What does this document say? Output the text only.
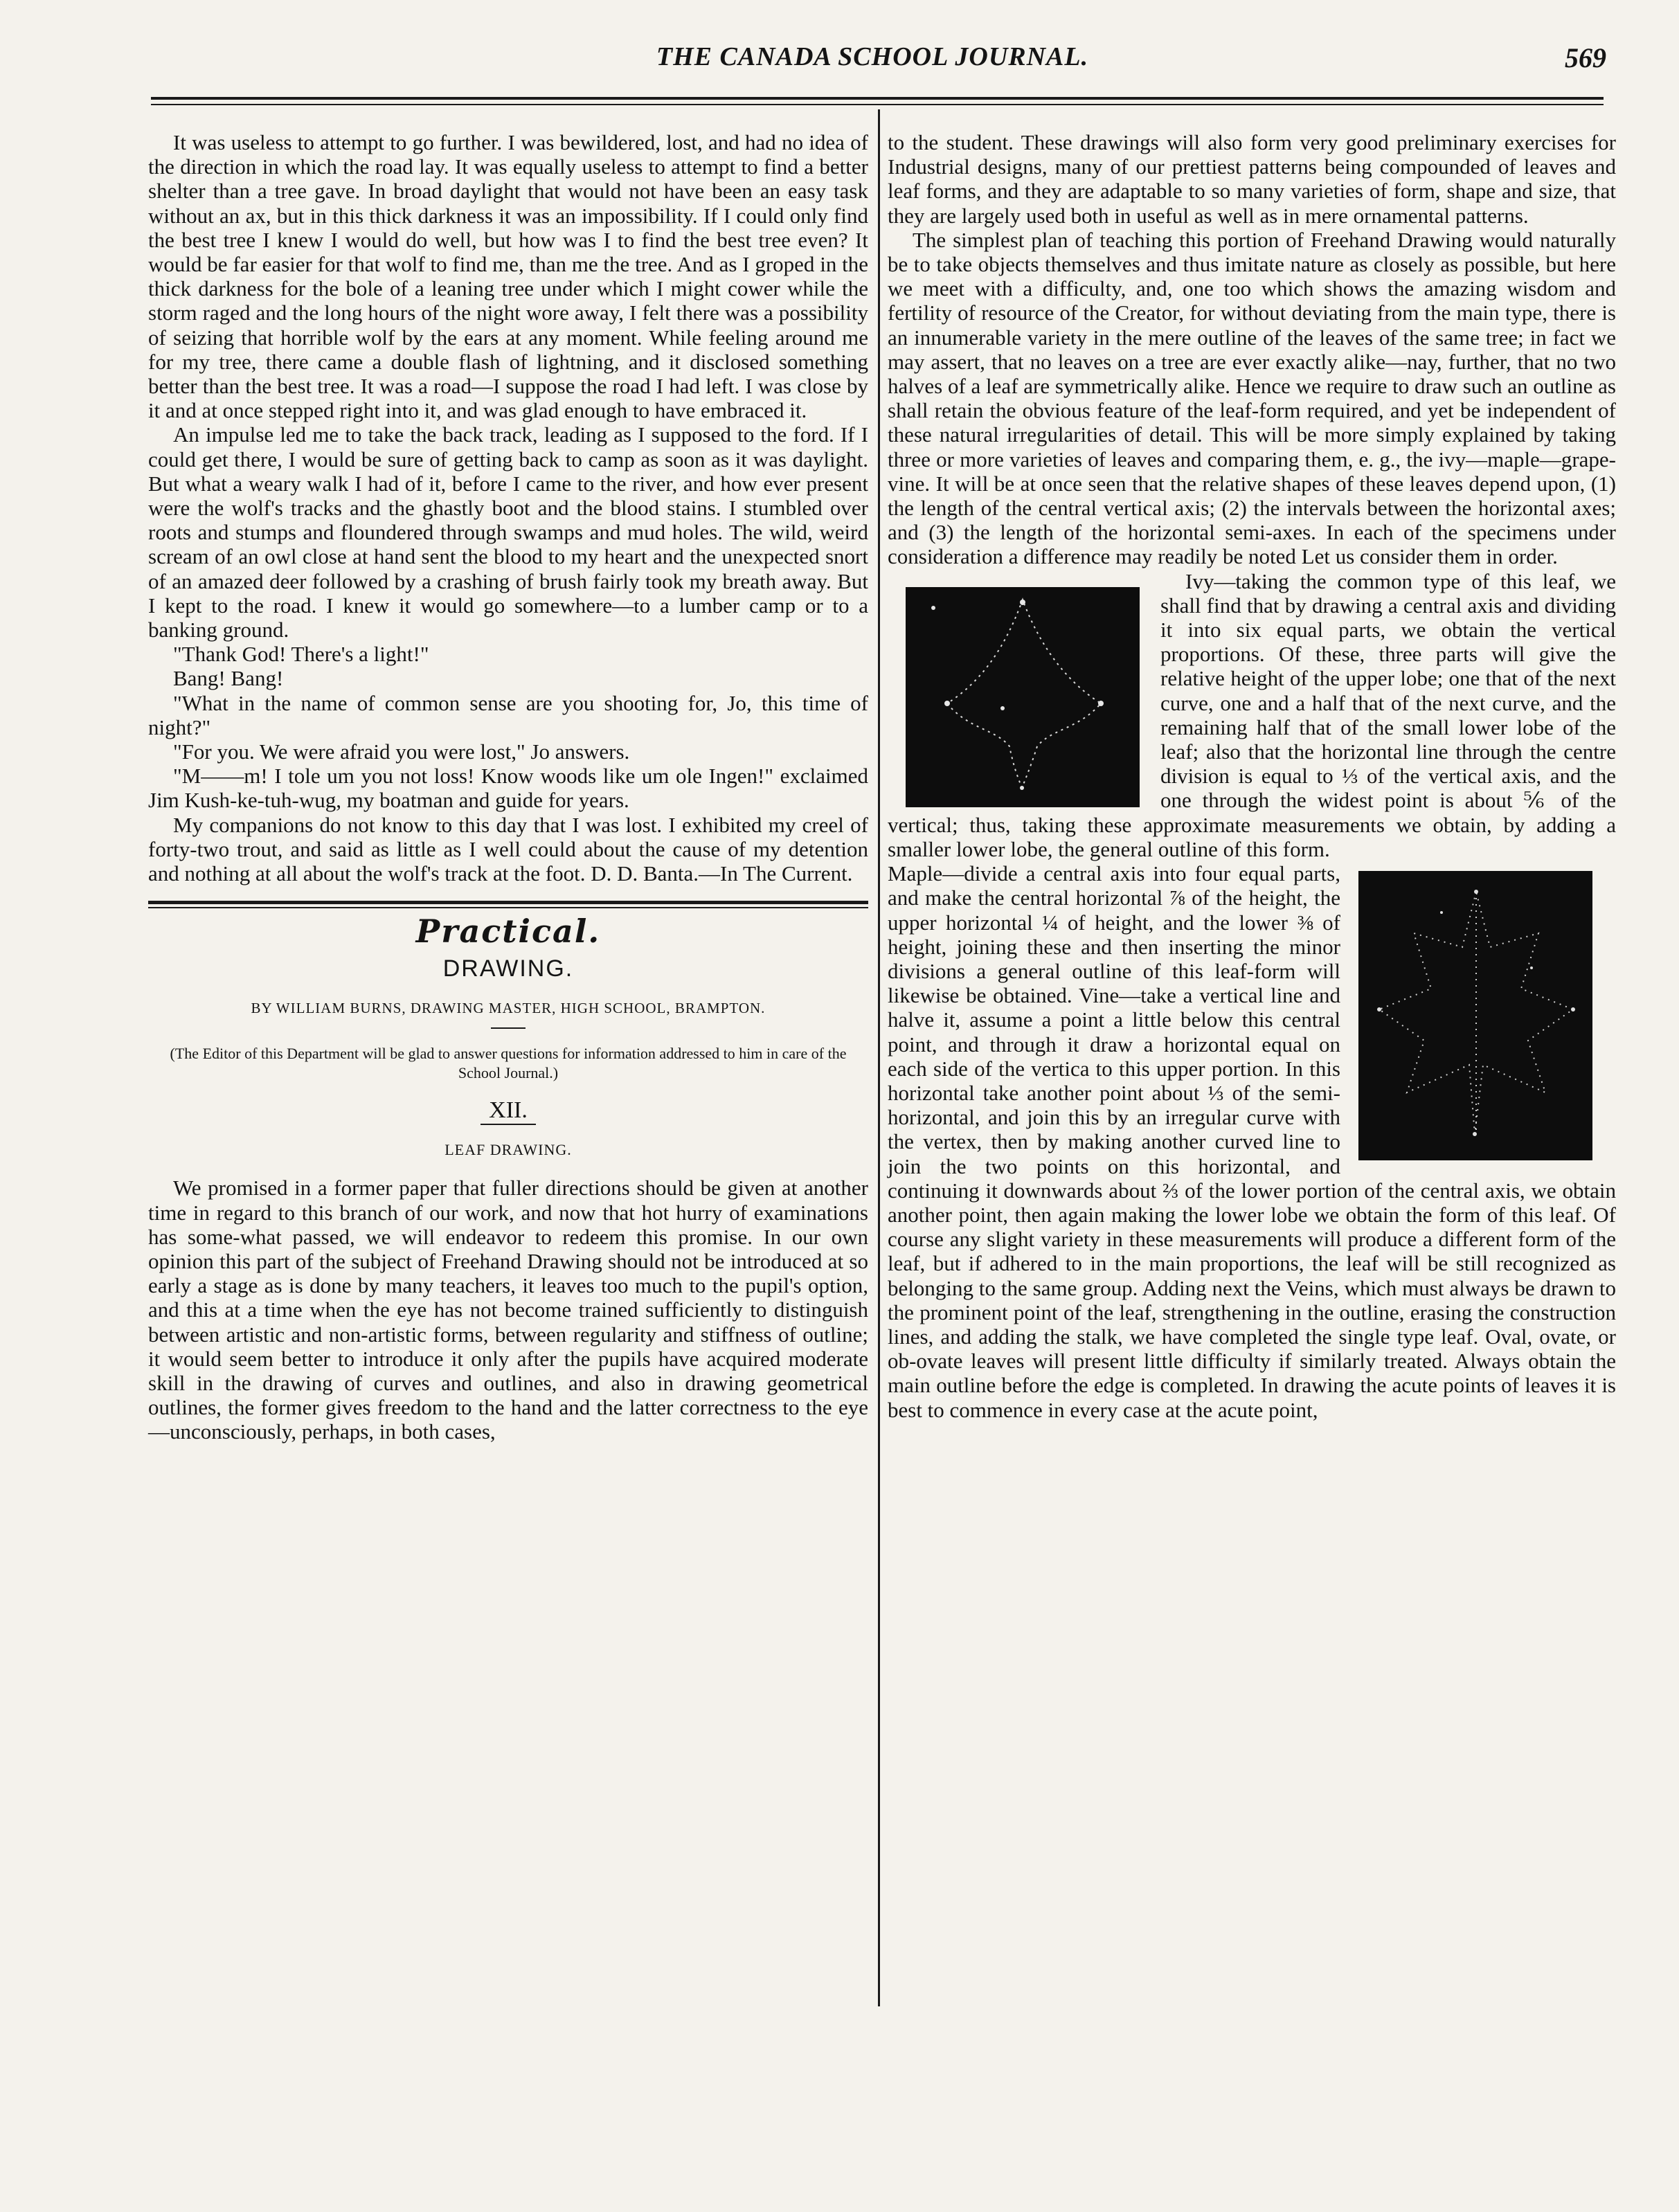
THE CANADA SCHOOL JOURNAL.	569

It was useless to attempt to go further. I was bewildered, lost, and had no idea of the direction in which the road lay. It was equally useless to attempt to find a better shelter than a tree gave. In broad daylight that would not have been an easy task without an ax, but in this thick darkness it was an impossibility. If I could only find the best tree I knew I would do well, but how was I to find the best tree even? It would be far easier for that wolf to find me, than me the tree. And as I groped in the thick darkness for the bole of a leaning tree under which I might cower while the storm raged and the long hours of the night wore away, I felt there was a possibility of seizing that horrible wolf by the ears at any moment. While feeling around me for my tree, there came a double flash of lightning, and it disclosed something better than the best tree. It was a road—I suppose the road I had left. I was close by it and at once stepped right into it, and was glad enough to have embraced it.

An impulse led me to take the back track, leading as I supposed to the ford. If I could get there, I would be sure of getting back to camp as soon as it was daylight. But what a weary walk I had of it, before I came to the river, and how ever present were the wolf's tracks and the ghastly boot and the blood stains. I stumbled over roots and stumps and floundered through swamps and mud holes. The wild, weird scream of an owl close at hand sent the blood to my heart and the unexpected snort of an amazed deer followed by a crashing of brush fairly took my breath away. But I kept to the road. I knew it would go somewhere—to a lumber camp or to a banking ground.

"Thank God! There's a light!"

Bang! Bang!

"What in the name of common sense are you shooting for, Jo, this time of night?"

"For you. We were afraid you were lost," Jo answers.

"M——m! I tole um you not loss! Know woods like um ole Ingen!" exclaimed Jim Kush-ke-tuh-wug, my boatman and guide for years.

My companions do not know to this day that I was lost. I exhibited my creel of forty-two trout, and said as little as I well could about the cause of my detention and nothing at all about the wolf's track at the foot. D. D. Banta.—In The Current.

Practical.
DRAWING.
BY WILLIAM BURNS, DRAWING MASTER, HIGH SCHOOL, BRAMPTON.
(The Editor of this Department will be glad to answer questions for information addressed to him in care of the School Journal.)
XII.
LEAF DRAWING.

We promised in a former paper that fuller directions should be given at another time in regard to this branch of our work, and now that hot hurry of examinations has some-what passed, we will endeavor to redeem this promise. In our own opinion this part of the subject of Freehand Drawing should not be introduced at so early a stage as is done by many teachers, it leaves too much to the pupil's option, and this at a time when the eye has not become trained sufficiently to distinguish between artistic and non-artistic forms, between regularity and stiffness of outline; it would seem better to introduce it only after the pupils have acquired moderate skill in the drawing of curves and outlines, and also in drawing geometrical outlines, the former gives freedom to the hand and the latter correctness to the eye—unconsciously, perhaps, in both cases,

to the student. These drawings will also form very good preliminary exercises for Industrial designs, many of our prettiest patterns being compounded of leaves and leaf forms, and they are adaptable to so many varieties of form, shape and size, that they are largely used both in useful as well as in mere ornamental patterns.

The simplest plan of teaching this portion of Freehand Drawing would naturally be to take objects themselves and thus imitate nature as closely as possible, but here we meet with a difficulty, and, one too which shows the amazing wisdom and fertility of resource of the Creator, for without deviating from the main type, there is an innumerable variety in the mere outline of the leaves of the same tree; in fact we may assert, that no leaves on a tree are ever exactly alike—nay, further, that no two halves of a leaf are symmetrically alike. Hence we require to draw such an outline as shall retain the obvious feature of the leaf-form required, and yet be independent of these natural irregularities of detail. This will be more simply explained by taking three or more varieties of leaves and comparing them, e. g., the ivy—maple—grape-vine. It will be at once seen that the relative shapes of these leaves depend upon, (1) the length of the central vertical axis; (2) the intervals between the horizontal axes; and (3) the length of the horizontal semi-axes. In each of the specimens under consideration a difference may readily be noted Let us consider them in order.

Ivy—taking the common type of this leaf, we shall find that by drawing a central axis and dividing it into six equal parts, we obtain the vertical proportions. Of these, three parts will give the relative height of the upper lobe; one that of the next curve, one and a half that of the next curve, and the remaining half that of the small lower lobe of the leaf; also that the horizontal line through the centre division is equal to ⅓ of the vertical axis, and the one through the widest point is about ⅚ of the vertical; thus, taking these approximate measurements we obtain, by adding a smaller lower lobe, the general outline of this form.

Maple—divide a central axis into four equal parts, and make the central horizontal ⅞ of the height, the upper horizontal ¼ of height, and the lower ⅜ of height, joining these and then inserting the minor divisions a general outline of this leaf-form will likewise be obtained. Vine—take a vertical line and halve it, assume a point a little below this central point, and through it draw a horizontal equal on each side of the vertica to this upper portion. In this horizontal take another point about ⅓ of the semi-horizontal, and join this by an irregular curve with the vertex, then by making another curved line to join the two points on this horizontal, and continuing it downwards about ⅔ of the lower portion of the central axis, we obtain another point, then again making the lower lobe we obtain the form of this leaf. Of course any slight variety in these measurements will produce a different form of the leaf, but if adhered to in the main proportions, the leaf will be still recognized as belonging to the same group. Adding next the Veins, which must always be drawn to the prominent point of the leaf, strengthening in the outline, erasing the construction lines, and adding the stalk, we have completed the single type leaf. Oval, ovate, or ob-ovate leaves will present little difficulty if similarly treated. Always obtain the main outline before the edge is completed. In drawing the acute points of leaves it is best to commence in every case at the acute point,
